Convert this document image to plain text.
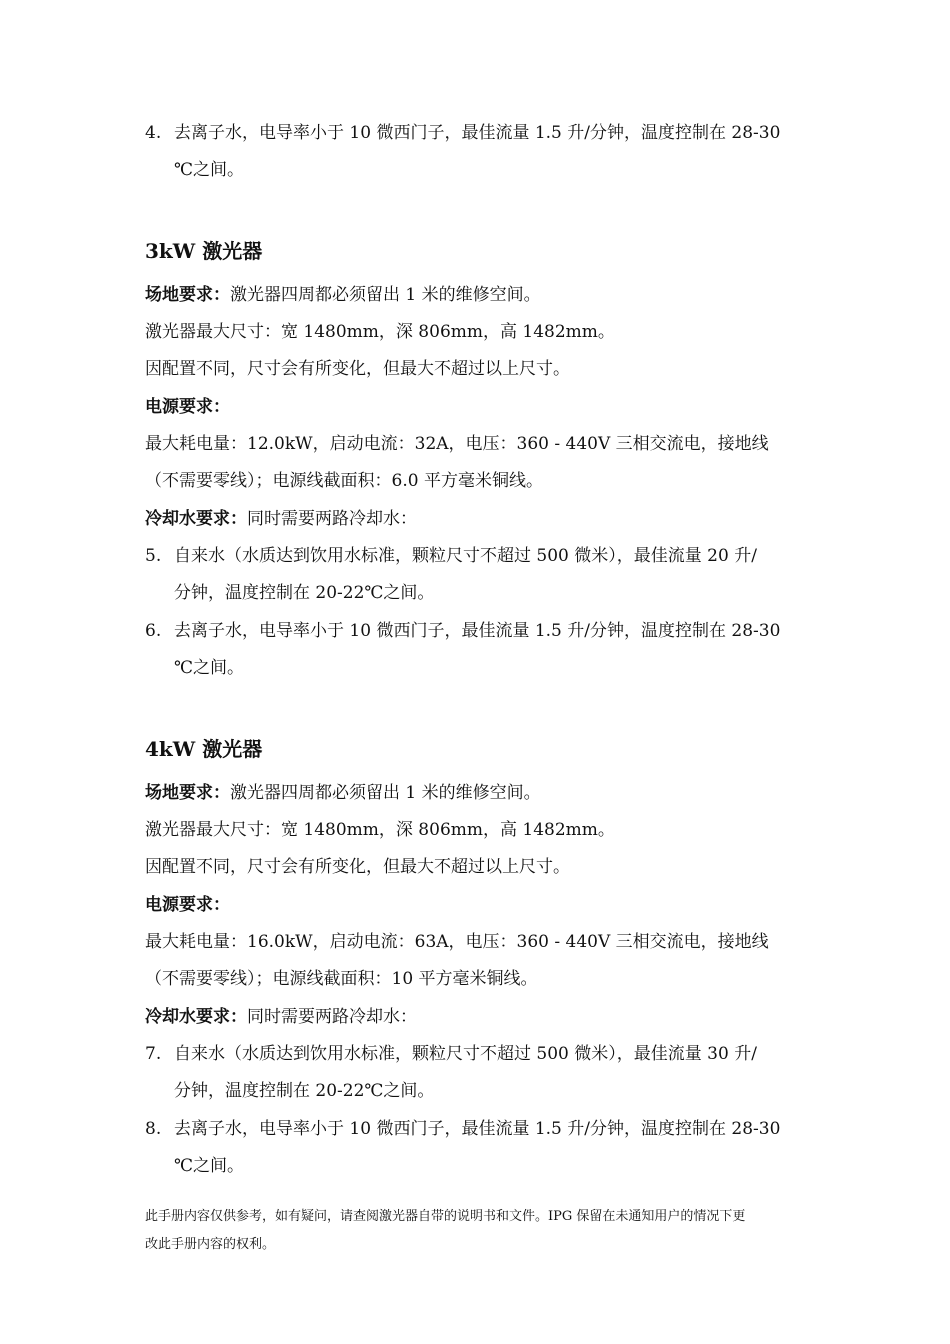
4. 去离子水，电导率小于 10 微西门子，最佳流量 1.5 升/分钟，温度控制在 28-30
℃之间。
3kW 激光器
场地要求：激光器四周都必须留出 1 米的维修空间。
激光器最大尺寸：宽 1480mm，深 806mm，高 1482mm。
因配置不同，尺寸会有所变化，但最大不超过以上尺寸。
电源要求：
最大耗电量：12.0kW，启动电流：32A，电压：360 - 440V 三相交流电，接地线
（不需要零线）；电源线截面积：6.0 平方毫米铜线。
冷却水要求：同时需要两路冷却水：
5. 自来水（水质达到饮用水标准，颗粒尺寸不超过 500 微米），最佳流量 20 升/
分钟，温度控制在 20-22℃之间。
6. 去离子水，电导率小于 10 微西门子，最佳流量 1.5 升/分钟，温度控制在 28-30
℃之间。
4kW 激光器
场地要求：激光器四周都必须留出 1 米的维修空间。
激光器最大尺寸：宽 1480mm，深 806mm，高 1482mm。
因配置不同，尺寸会有所变化，但最大不超过以上尺寸。
电源要求：
最大耗电量：16.0kW，启动电流：63A，电压：360 - 440V 三相交流电，接地线
（不需要零线）；电源线截面积：10 平方毫米铜线。
冷却水要求：同时需要两路冷却水：
7. 自来水（水质达到饮用水标准，颗粒尺寸不超过 500 微米），最佳流量 30 升/
分钟，温度控制在 20-22℃之间。
8. 去离子水，电导率小于 10 微西门子，最佳流量 1.5 升/分钟，温度控制在 28-30
℃之间。
此手册内容仅供参考，如有疑问，请查阅激光器自带的说明书和文件。IPG 保留在未通知用户的情况下更
改此手册内容的权利。
